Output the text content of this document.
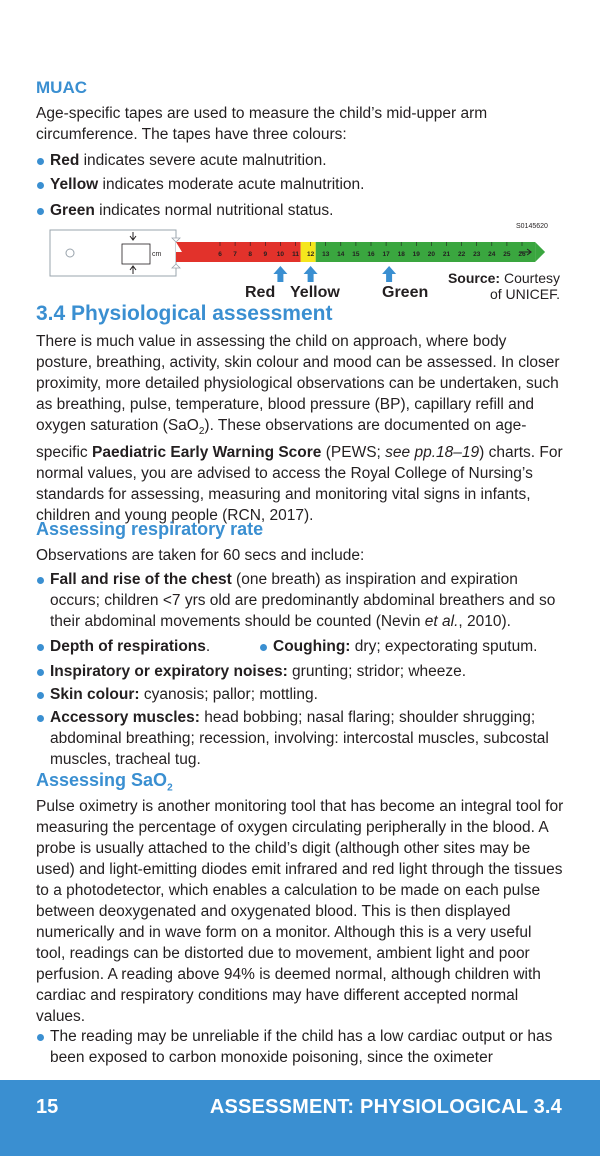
MUAC

Age-specific tapes are used to measure the child’s mid-upper arm circumference. The tapes have three colours:

Red indicates severe acute malnutrition.
Yellow indicates moderate acute malnutrition.
Green indicates normal nutritional status.
S0145620
cm	6 7 8 9 10 11 12 13 14 15 16 17 18 19 20 21 22 23 24 25 26
Red Yellow	Green
Source: Courtesy
of UNICEF.
3.4 Physiological assessment

There is much value in assessing the child on approach, where body posture, breathing, activity, skin colour and mood can be assessed. In closer proximity, more detailed physiological observations can be undertaken, such as breathing, pulse, temperature, blood pressure (BP), capillary refill and oxygen saturation (SaO$_2$). These observations are documented on age-specific Paediatric Early Warning Score (PEWS; see pp.18–19) charts. For normal values, you are advised to access the Royal College of Nursing’s standards for assessing, measuring and monitoring vital signs in infants, children and young people (RCN, 2017).

Assessing respiratory rate

Observations are taken for 60 secs and include:

Fall and rise of the chest (one breath) as inspiration and expiration occurs; children <7 yrs old are predominantly abdominal breathers and so their abdominal movements should be counted (Nevin et al., 2010).
Depth of respirations.	Coughing: dry; expectorating sputum.
Inspiratory or expiratory noises: grunting; stridor; wheeze.
Skin colour: cyanosis; pallor; mottling.
Accessory muscles: head bobbing; nasal flaring; shoulder shrugging; abdominal breathing; recession, involving: intercostal muscles, subcostal muscles, tracheal tug.
Assessing SaO$_2$

Pulse oximetry is another monitoring tool that has become an integral tool for measuring the percentage of oxygen circulating peripherally in the blood. A probe is usually attached to the child’s digit (although other sites may be used) and light-emitting diodes emit infrared and red light through the tissues to a photodetector, which enables a calculation to be made on each pulse between deoxygenated and oxygenated blood. This is then displayed numerically and in wave form on a monitor. Although this is a very useful tool, readings can be distorted due to movement, ambient light and poor perfusion. A reading above 94% is deemed normal, although children with cardiac and respiratory conditions may have different accepted normal values.

The reading may be unreliable if the child has a low cardiac output or has been exposed to carbon monoxide poisoning, since the oximeter
15	ASSESSMENT: PHYSIOLOGICAL 3.4
